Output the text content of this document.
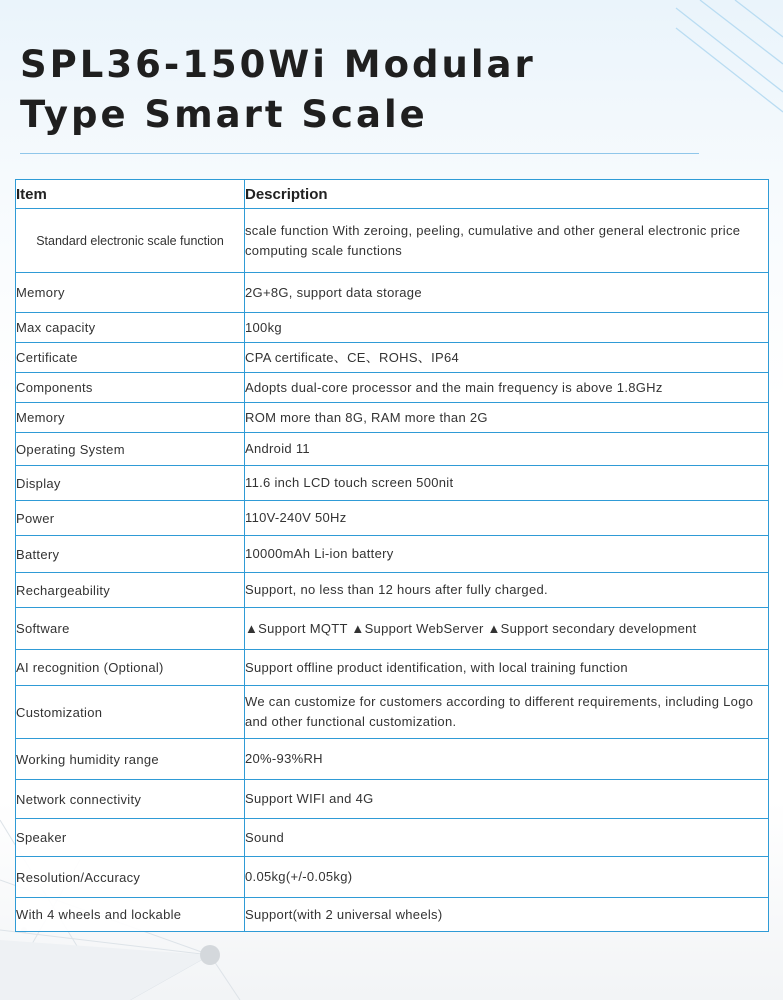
SPL36-150Wi Modular
Type Smart Scale
Item	Description
Standard electronic scale function	scale function With zeroing, peeling, cumulative and other general electronic price computing scale functions
Memory	2G+8G, support data storage
Max capacity	100kg
Certificate	CPA certificate、CE、ROHS、IP64
Components	Adopts dual-core processor and the main frequency is above 1.8GHz
Memory	ROM more than 8G, RAM more than 2G
Operating System	Android 11
Display	11.6 inch LCD touch screen 500nit
Power	110V-240V 50Hz
Battery	10000mAh Li-ion battery
Rechargeability	Support, no less than 12 hours after fully charged.
Software	▲Support MQTT ▲Support WebServer ▲Support secondary development
AI recognition (Optional)	Support offline product identification, with local training function
Customization	We can customize for customers according to different requirements, including Logo and other functional customization.
Working humidity range	20%-93%RH
Network connectivity	Support WIFI and 4G
Speaker	Sound
Resolution/Accuracy	0.05kg(+/-0.05kg)
With 4 wheels and lockable	Support(with 2 universal wheels)
